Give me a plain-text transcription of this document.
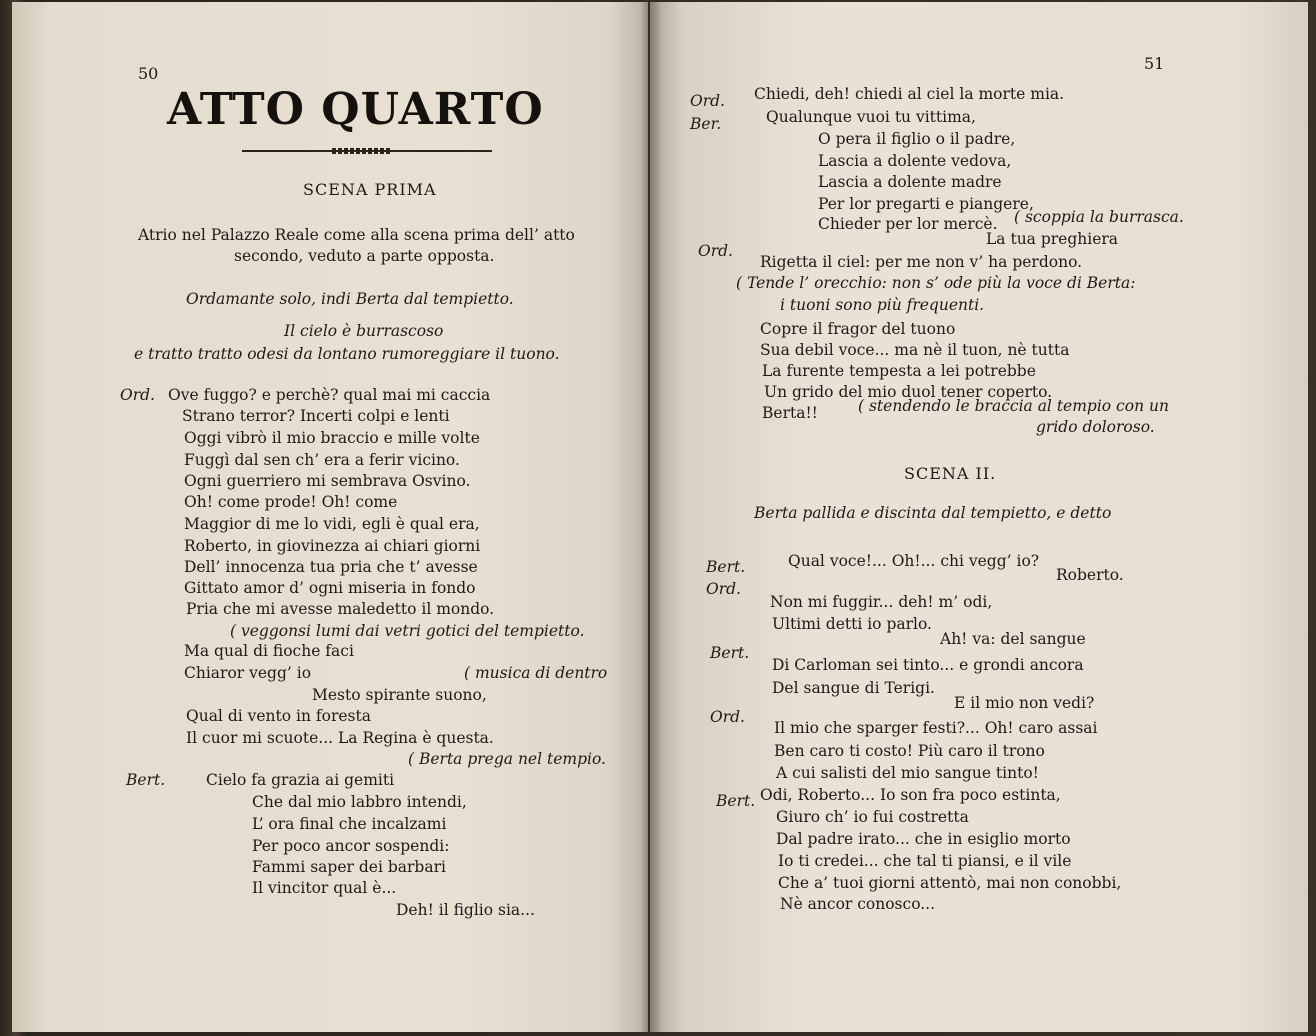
50
ATTO QUARTO
SCENA PRIMA
Atrio nel Palazzo Reale come alla scena prima dell’ atto
secondo, veduto a parte opposta.
Ordamante solo, indi Berta dal tempietto.
Il cielo è burrascoso
e tratto tratto odesi da lontano rumoreggiare il tuono.
Ord. Ove fuggo? e perchè? qual mai mi caccia
Strano terror? Incerti colpi e lenti
Oggi vibrò il mio braccio e mille volte
Fuggì dal sen ch’ era a ferir vicino.
Ogni guerriero mi sembrava Osvino.
Oh! come prode! Oh! come
Maggior di me lo vidi, egli è qual era,
Roberto, in giovinezza ai chiari giorni
Dell’ innocenza tua pria che t’ avesse
Gittato amor d’ ogni miseria in fondo
Pria che mi avesse maledetto il mondo.
( veggonsi lumi dai vetri gotici del tempietto.
Ma qual di fioche faci
Chiaror vegg’ io	( musica di dentro
Mesto spirante suono,
Qual di vento in foresta
Il cuor mi scuote... La Regina è questa.
( Berta prega nel tempio.
Bert.	Cielo fa grazia ai gemiti
Che dal mio labbro intendi,
L’ ora final che incalzami
Per poco ancor sospendi:
Fammi saper dei barbari
Il vincitor qual è...
Deh! il figlio sia...
51
Ord. Chiedi, deh! chiedi al ciel la morte mia.
Ber.	Qualunque vuoi tu vittima,
O pera il figlio o il padre,
Lascia a dolente vedova,
Lascia a dolente madre
Per lor pregarti e piangere,
Chieder per lor mercè. ( scoppia la burrasca.
Ord.
La tua preghiera
Rigetta il ciel: per me non v’ ha perdono.
( Tende l’ orecchio: non s’ ode più la voce di Berta:
i tuoni sono più frequenti.
Copre il fragor del tuono
Sua debil voce... ma nè il tuon, nè tutta
La furente tempesta a lei potrebbe
Un grido del mio duol tener coperto.
Berta!!	( stendendo le braccia al tempio con un
grido doloroso.
SCENA II.
Berta pallida e discinta dal tempietto, e detto
Bert.	Qual voce!... Oh!... chi vegg’ io?
Ord.
Roberto.
Non mi fuggir... deh! m’ odi,
Ultimi detti io parlo.
Bert.
Ah! va: del sangue
Di Carloman sei tinto... e grondi ancora
Del sangue di Terigi.
Ord.
E il mio non vedi?
Il mio che sparger festi?... Oh! caro assai
Ben caro ti costo! Più caro il trono
A cui salisti del mio sangue tinto!
Bert. Odi, Roberto... Io son fra poco estinta,
Giuro ch’ io fui costretta
Dal padre irato... che in esiglio morto
Io ti credei... che tal ti piansi, e il vile
Che a’ tuoi giorni attentò, mai non conobbi,
Nè ancor conosco...
